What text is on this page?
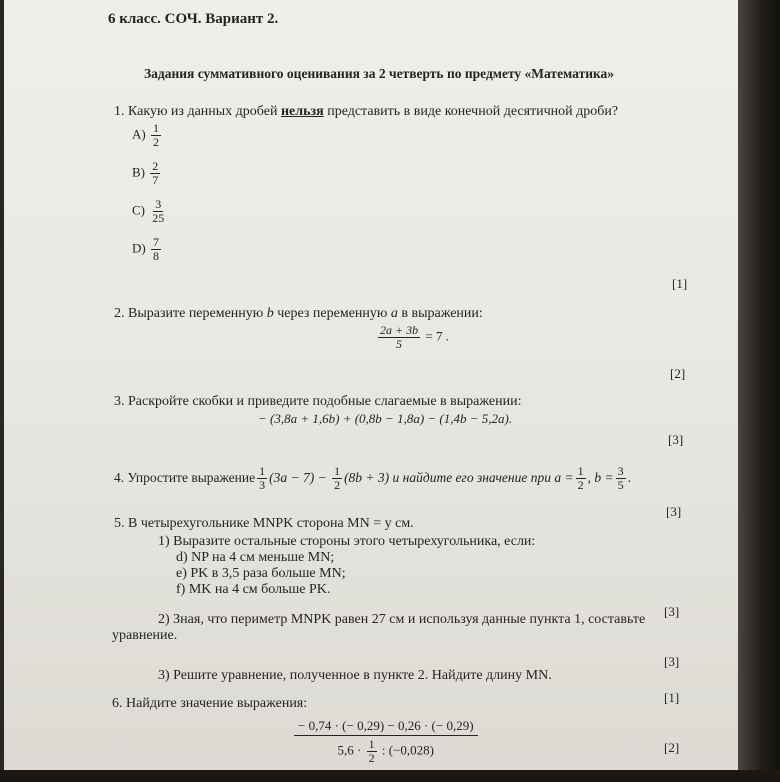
6 класс. СОЧ. Вариант 2.
Задания суммативного оценивания за 2 четверть по предмету «Математика»
1. Какую из данных дробей нельзя представить в виде конечной десятичной дроби?
$A) \frac{1}{2}$
$B) \frac{2}{7}$
$C) \frac{3}{25}$
$D) \frac{7}{8}$
[1]
2. Выразите переменную b через переменную a в выражении:
$\frac{2a + 3b}{5} = 7$ .
[2]
3. Раскройте скобки и приведите подобные слагаемые в выражении:
− (3,8a + 1,6b) + (0,8b − 1,8a) − (1,4b − 5,2a).
[3]
4. Упростите выражение $\frac{1}{3} (3a - 7) - \frac{1}{2} (8b + 3)$ и найдите его значение при $a = \frac{1}{2}$ , $b = \frac{3}{5}$ .
[3]
5. В четырехугольнике MNPK сторона MN = y см.
1) Выразите остальные стороны этого четырехугольника, если:
d) NP на 4 см меньше MN;
e) PK в 3,5 раза больше MN;
f) MK на 4 см больше PK.
[3]
2) Зная, что периметр MNPK равен 27 см и используя данные пункта 1, составьте
уравнение.
[3]
3) Решите уравнение, полученное в пункте 2. Найдите длину MN.
[1]
6. Найдите значение выражения:
$\frac{- 0,74 \cdot (- 0,29) - 0,26 \cdot (- 0,29)}{5,6 \cdot \frac{1}{2} : (-0,028)}$	[2]
